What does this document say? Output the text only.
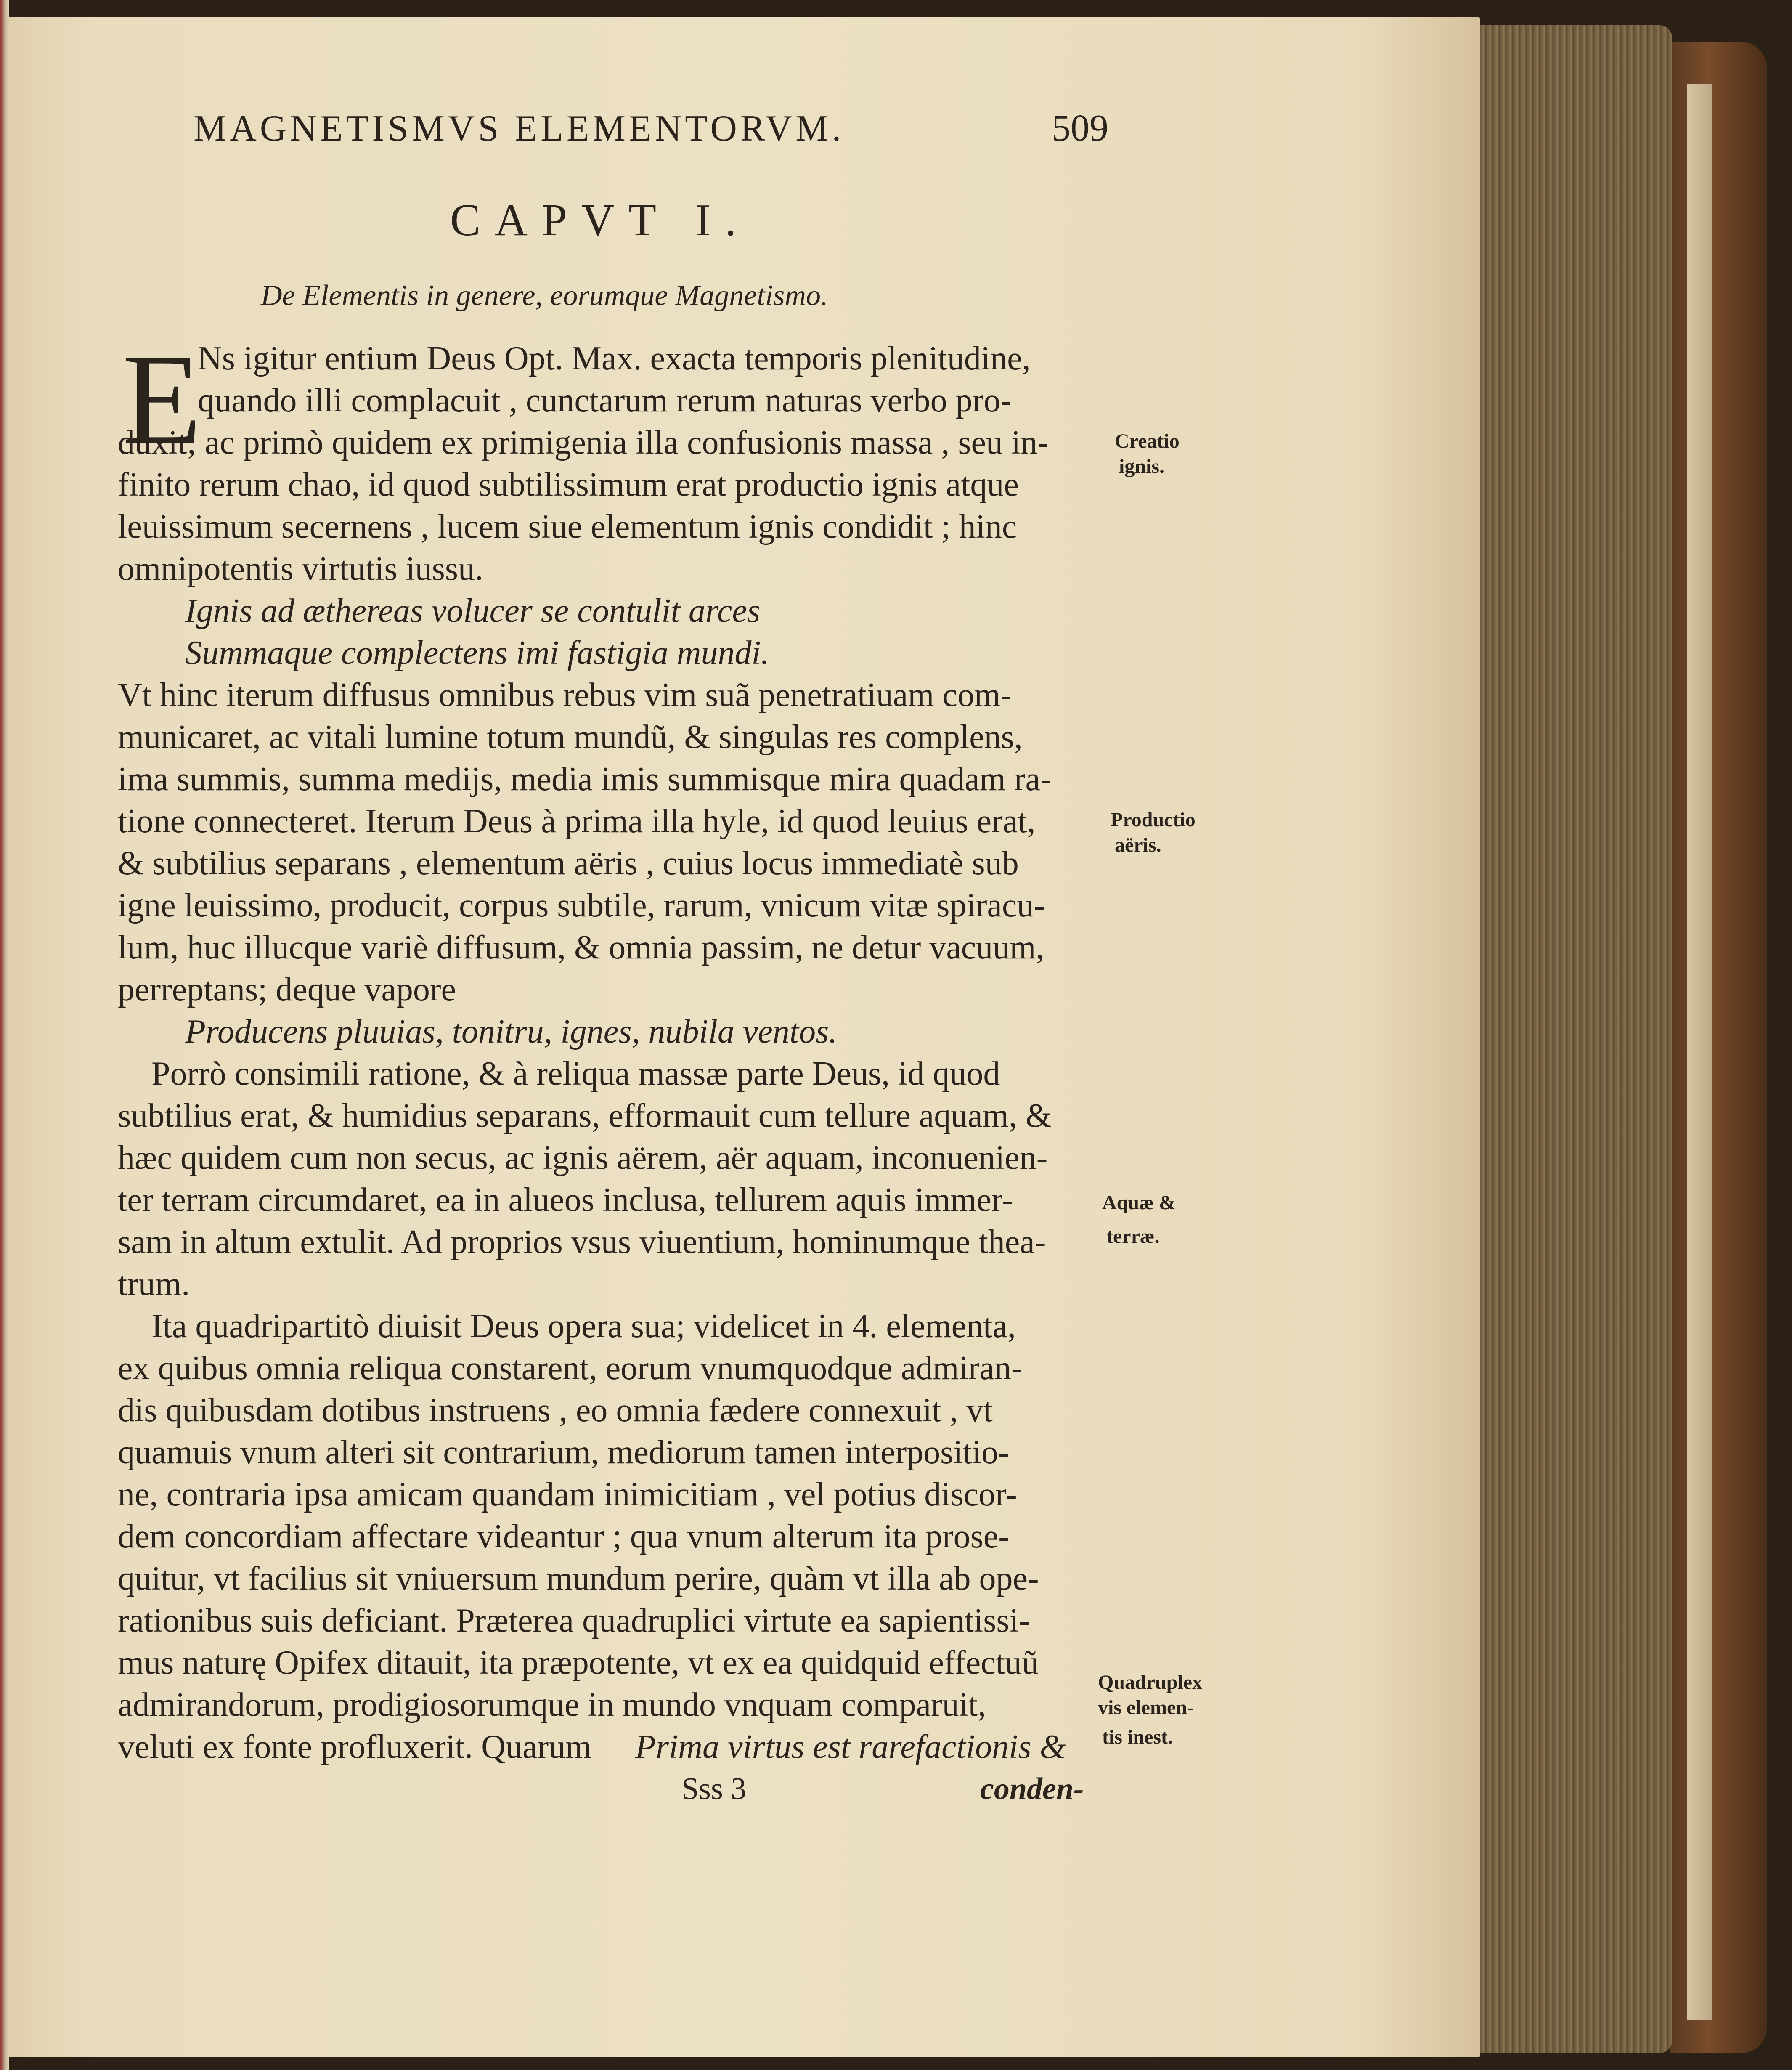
MAGNETISMVS ELEMENTORVM.	509
CAPVT I.
De Elementis in genere, eorumque Magnetismo.
E
Ns igitur entium Deus Opt. Max. exacta temporis plenitudine,
quando illi complacuit , cunctarum rerum naturas verbo pro-
duxit; ac primò quidem ex primigenia illa confusionis massa , seu in-
finito rerum chao, id quod subtilissimum erat productio ignis atque
leuissimum secernens , lucem siue elementum ignis condidit ; hinc
omnipotentis virtutis iussu.
Ignis ad æthereas volucer se contulit arces
Summaque complectens imi fastigia mundi.
Vt hinc iterum diffusus omnibus rebus vim suã penetratiuam com-
municaret, ac vitali lumine totum mundũ, & singulas res complens,
ima summis, summa medijs, media imis summisque mira quadam ra-
tione connecteret. Iterum Deus à prima illa hyle, id quod leuius erat,
& subtilius separans , elementum aëris , cuius locus immediatè sub
igne leuissimo, producit, corpus subtile, rarum, vnicum vitæ spiracu-
lum, huc illucque variè diffusum, & omnia passim, ne detur vacuum,
perreptans; deque vapore
Producens pluuias, tonitru, ignes, nubila ventos.
Porrò consimili ratione, & à reliqua massæ parte Deus, id quod
subtilius erat, & humidius separans, efformauit cum tellure aquam, &
hæc quidem cum non secus, ac ignis aërem, aër aquam, inconuenien-
ter terram circumdaret, ea in alueos inclusa, tellurem aquis immer-
sam in altum extulit. Ad proprios vsus viuentium, hominumque thea-
trum.
Ita quadripartitò diuisit Deus opera sua; videlicet in 4. elementa,
ex quibus omnia reliqua constarent, eorum vnumquodque admiran-
dis quibusdam dotibus instruens , eo omnia fædere connexuit , vt
quamuis vnum alteri sit contrarium, mediorum tamen interpositio-
ne, contraria ipsa amicam quandam inimicitiam , vel potius discor-
dem concordiam affectare videantur ; qua vnum alterum ita prose-
quitur, vt facilius sit vniuersum mundum perire, quàm vt illa ab ope-
rationibus suis deficiant. Præterea quadruplici virtute ea sapientissi-
mus naturę Opifex ditauit, ita præpotente, vt ex ea quidquid effectuũ
admirandorum, prodigiosorumque in mundo vnquam comparuit,
veluti ex fonte profluxerit. Quarum Prima virtus est rarefactionis &
Creatio
ignis.
Productio
aëris.
Aquæ &
terræ.
Quadruplex
vis elemen-
tis inest.
Sss 3	conden-
